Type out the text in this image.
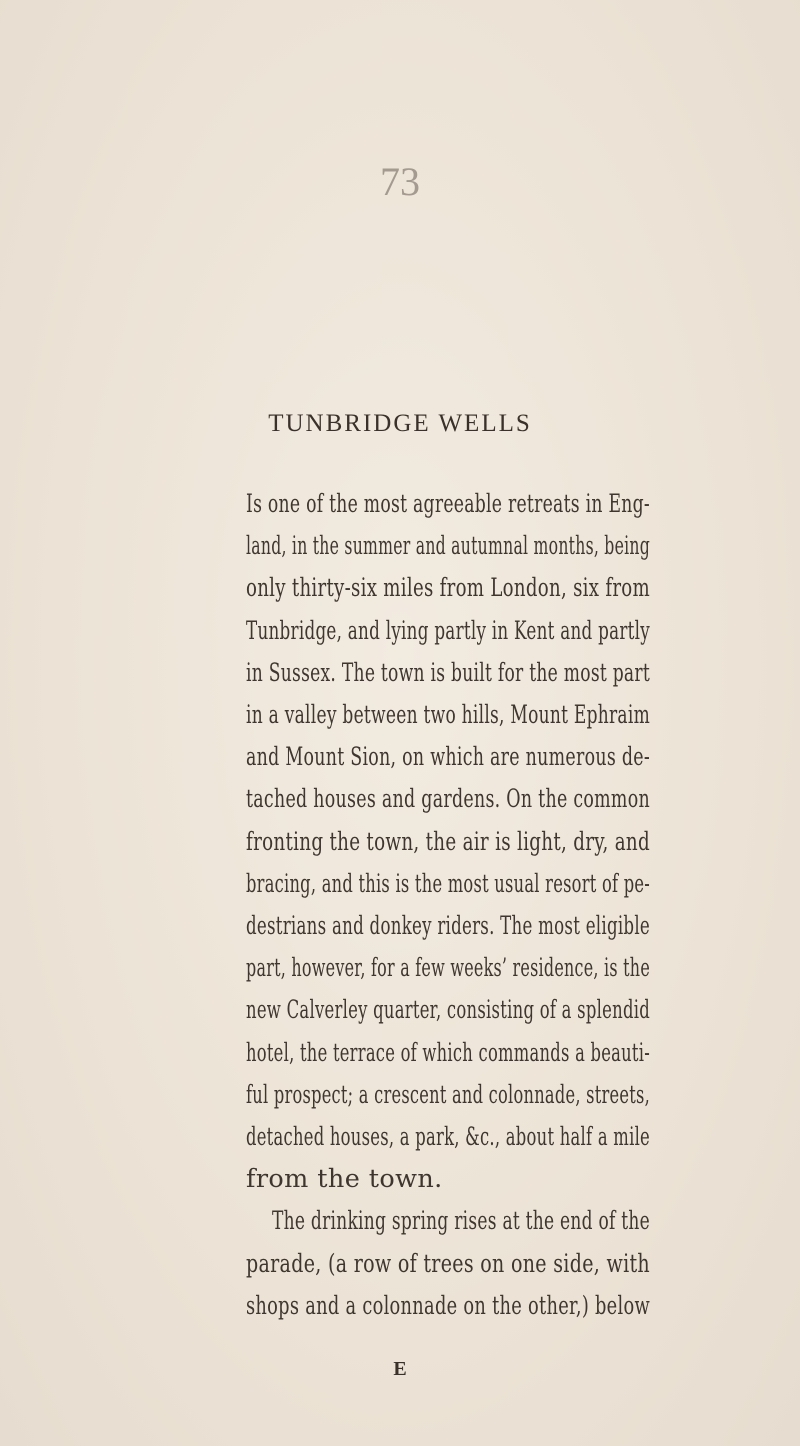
73
TUNBRIDGE WELLS
Is one of the most agreeable retreats in Eng-
land, in the summer and autumnal months, being
only thirty-six miles from London, six from
Tunbridge, and lying partly in Kent and partly
in Sussex. The town is built for the most part
in a valley between two hills, Mount Ephraim
and Mount Sion, on which are numerous de-
tached houses and gardens. On the common
fronting the town, the air is light, dry, and
bracing, and this is the most usual resort of pe-
destrians and donkey riders. The most eligible
part, however, for a few weeks’ residence, is the
new Calverley quarter, consisting of a splendid
hotel, the terrace of which commands a beauti-
ful prospect; a crescent and colonnade, streets,
detached houses, a park, &c., about half a mile
from the town.
The drinking spring rises at the end of the
parade, (a row of trees on one side, with
shops and a colonnade on the other,) below
E
